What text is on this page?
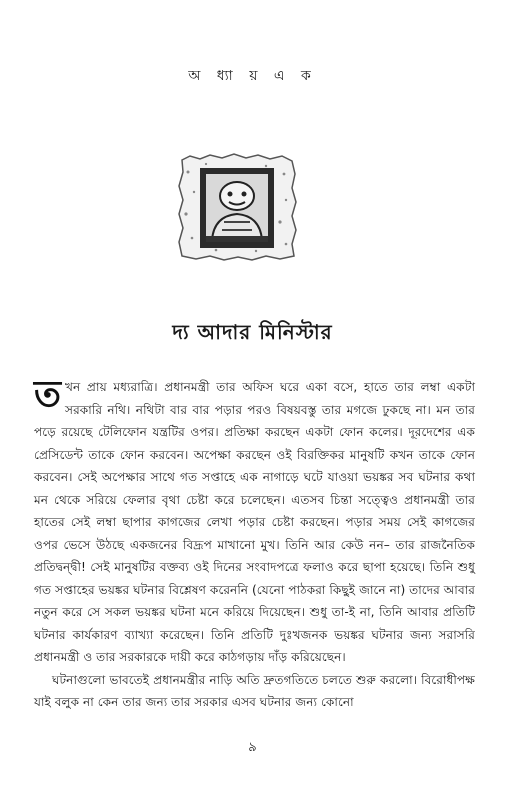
অ ধ্যা য় এ ক
দ্য আদার মিনিস্টার

তখন প্রায় মধ্যরাত্রি। প্রধানমন্ত্রী তার অফিস ঘরে একা বসে, হাতে তার লম্বা একটা সরকারি নথি। নথিটা বার বার পড়ার পরও বিষয়বস্তু তার মগজে ঢুকছে না। মন তার পড়ে রয়েছে টেলিফোন যন্ত্রটির ওপর। প্রতিক্ষা করছেন একটা ফোন কলের। দূরদেশের এক প্রেসিডেন্ট তাকে ফোন করবেন। অপেক্ষা করছেন ওই বিরক্তিকর মানুষটি কখন তাকে ফোন করবেন। সেই অপেক্ষার সাথে গত সপ্তাহে এক নাগাড়ে ঘটে যাওয়া ভয়ঙ্কর সব ঘটনার কথা মন থেকে সরিয়ে ফেলার বৃথা চেষ্টা করে চলেছেন। এতসব চিন্তা সত্ত্বেও প্রধানমন্ত্রী তার হাতের সেই লম্বা ছাপার কাগজের লেখা পড়ার চেষ্টা করছেন। পড়ার সময় সেই কাগজের ওপর ভেসে উঠছে একজনের বিদ্রূপ মাখানো মুখ। তিনি আর কেউ নন– তার রাজনৈতিক প্রতিদ্বন্দ্বী! সেই মানুষটির বক্তব্য ওই দিনের সংবাদপত্রে ফলাও করে ছাপা হয়েছে। তিনি শুধু গত সপ্তাহের ভয়ঙ্কর ঘটনার বিশ্লেষণ করেননি (যেনো পাঠকরা কিছুই জানে না) তাদের আবার নতুন করে সে সকল ভয়ঙ্কর ঘটনা মনে করিয়ে দিয়েছেন। শুধু তা-ই না, তিনি আবার প্রতিটি ঘটনার কার্যকারণ ব্যাখ্যা করেছেন। তিনি প্রতিটি দুঃখজনক ভয়ঙ্কর ঘটনার জন্য সরাসরি প্রধানমন্ত্রী ও তার সরকারকে দায়ী করে কাঠগড়ায় দাঁড় করিয়েছেন।

ঘটনাগুলো ভাবতেই প্রধানমন্ত্রীর নাড়ি অতি দ্রুতগতিতে চলতে শুরু করলো। বিরোধীপক্ষ যাই বলুক না কেন তার জন্য তার সরকার এসব ঘটনার জন্য কোনো

৯
